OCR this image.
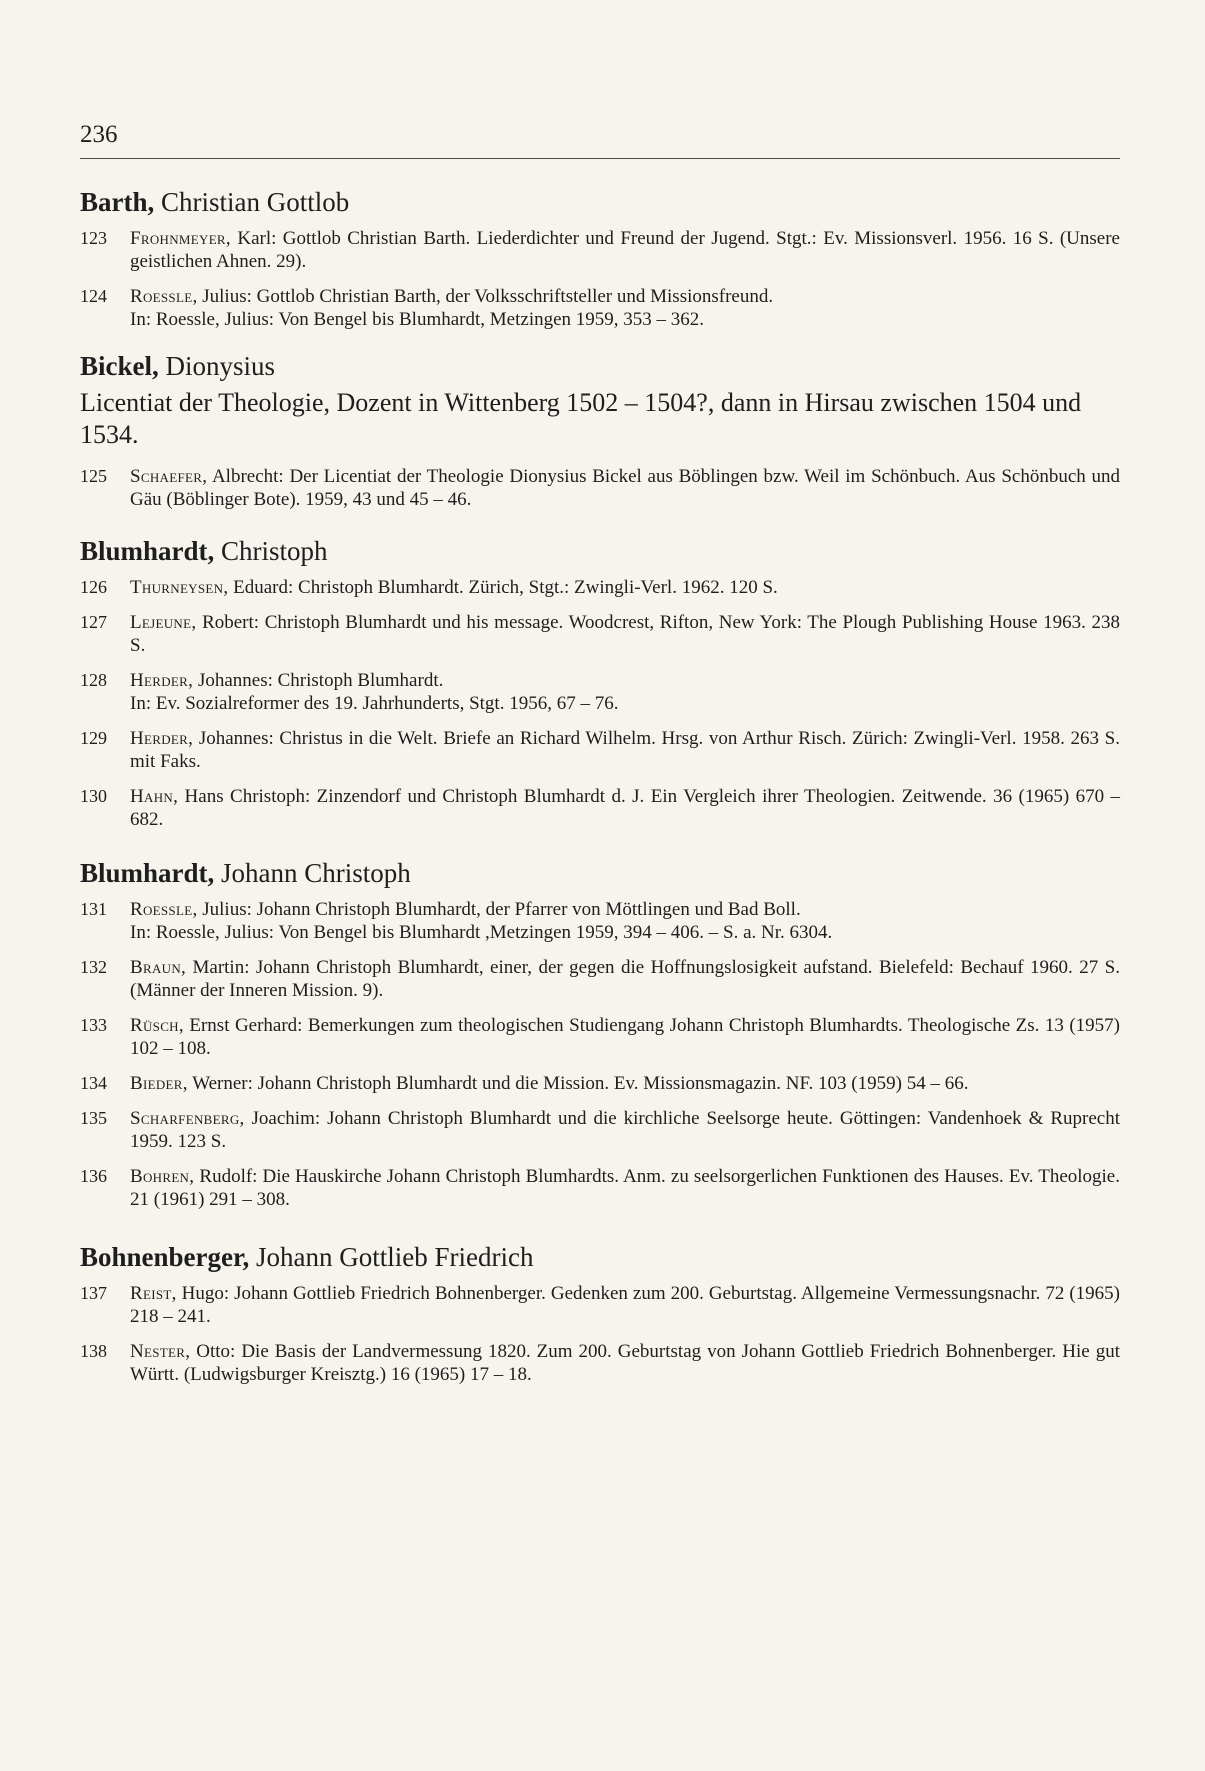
236
Barth, Christian Gottlob
123	Frohnmeyer, Karl: Gottlob Christian Barth. Liederdichter und Freund der Jugend. Stgt.: Ev. Missionsverl. 1956. 16 S. (Unsere geistlichen Ahnen. 29).
124	Roessle, Julius: Gottlob Christian Barth, der Volksschriftsteller und Missionsfreund.
In: Roessle, Julius: Von Bengel bis Blumhardt, Metzingen 1959, 353 – 362.
Bickel, Dionysius
Licentiat der Theologie, Dozent in Wittenberg 1502 – 1504?, dann in Hirsau zwischen 1504 und 1534.
125	Schaefer, Albrecht: Der Licentiat der Theologie Dionysius Bickel aus Böblingen bzw. Weil im Schönbuch. Aus Schönbuch und Gäu (Böblinger Bote). 1959, 43 und 45 – 46.
Blumhardt, Christoph
126	Thurneysen, Eduard: Christoph Blumhardt. Zürich, Stgt.: Zwingli-Verl. 1962. 120 S.
127	Lejeune, Robert: Christoph Blumhardt und his message. Woodcrest, Rifton, New York: The Plough Publishing House 1963. 238 S.
128	Herder, Johannes: Christoph Blumhardt.
In: Ev. Sozialreformer des 19. Jahrhunderts, Stgt. 1956, 67 – 76.
129	Herder, Johannes: Christus in die Welt. Briefe an Richard Wilhelm. Hrsg. von Arthur Risch. Zürich: Zwingli-Verl. 1958. 263 S. mit Faks.
130	Hahn, Hans Christoph: Zinzendorf und Christoph Blumhardt d. J. Ein Vergleich ihrer Theologien. Zeitwende. 36 (1965) 670 – 682.
Blumhardt, Johann Christoph
131	Roessle, Julius: Johann Christoph Blumhardt, der Pfarrer von Möttlingen und Bad Boll.
In: Roessle, Julius: Von Bengel bis Blumhardt ,Metzingen 1959, 394 – 406. – S. a. Nr. 6304.
132	Braun, Martin: Johann Christoph Blumhardt, einer, der gegen die Hoffnungslosigkeit aufstand. Bielefeld: Bechauf 1960. 27 S. (Männer der Inneren Mission. 9).
133	Rüsch, Ernst Gerhard: Bemerkungen zum theologischen Studiengang Johann Christoph Blumhardts. Theologische Zs. 13 (1957) 102 – 108.
134	Bieder, Werner: Johann Christoph Blumhardt und die Mission. Ev. Missionsmagazin. NF. 103 (1959) 54 – 66.
135	Scharfenberg, Joachim: Johann Christoph Blumhardt und die kirchliche Seelsorge heute. Göttingen: Vandenhoek & Ruprecht 1959. 123 S.
136	Bohren, Rudolf: Die Hauskirche Johann Christoph Blumhardts. Anm. zu seelsorgerlichen Funktionen des Hauses. Ev. Theologie. 21 (1961) 291 – 308.
Bohnenberger, Johann Gottlieb Friedrich
137	Reist, Hugo: Johann Gottlieb Friedrich Bohnenberger. Gedenken zum 200. Geburtstag. Allgemeine Vermessungsnachr. 72 (1965) 218 – 241.
138	Nester, Otto: Die Basis der Landvermessung 1820. Zum 200. Geburtstag von Johann Gottlieb Friedrich Bohnenberger. Hie gut Württ. (Ludwigsburger Kreisztg.) 16 (1965) 17 – 18.
